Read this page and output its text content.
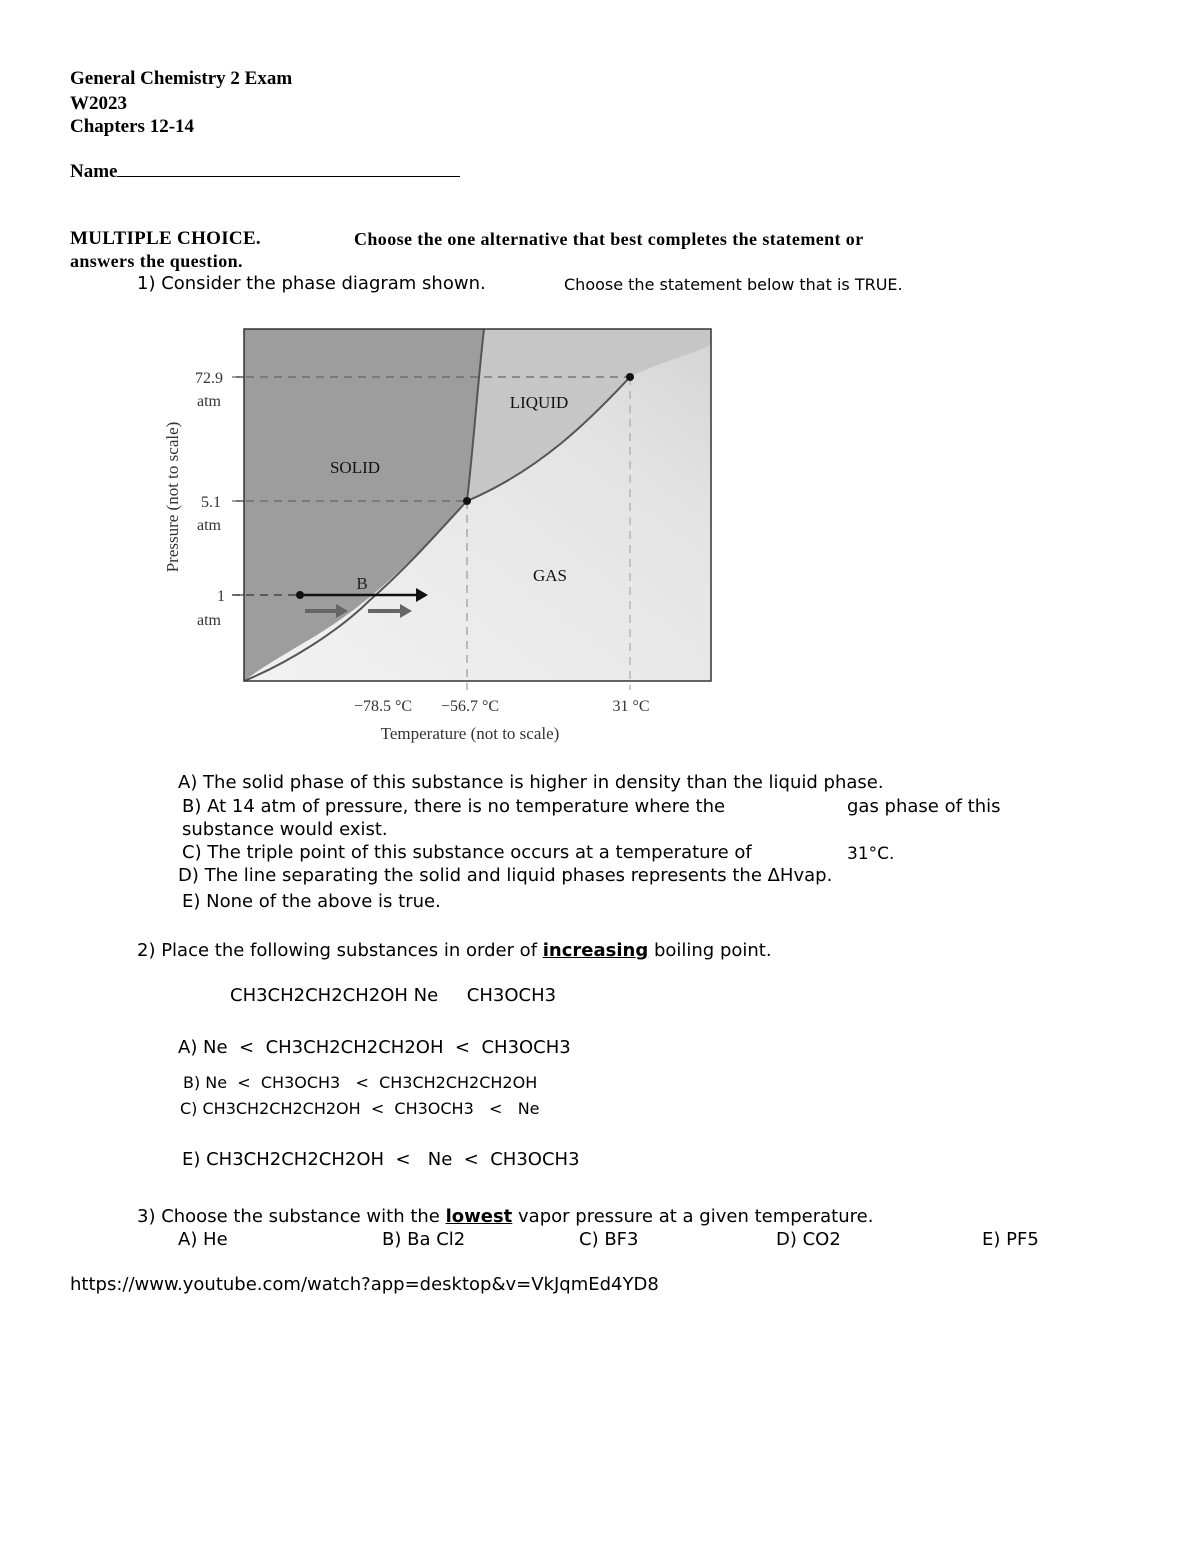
General Chemistry 2 Exam
W2023
Chapters 12-14
Name
MULTIPLE CHOICE.	Choose the one alternative that best completes the statement or
answers the question.
1) Consider the phase diagram shown.	Choose the statement below that is TRUE.
SOLID
LIQUID
GAS
B
72.9
atm
5.1
atm
1
atm
−78.5 °C −56.7 °C	31 °C
Temperature (not to scale)
Pressure (not to scale)
A) The solid phase of this substance is higher in density than the liquid phase.
B) At 14 atm of pressure, there is no temperature where the	gas phase of this
substance would exist.
C) The triple point of this substance occurs at a temperature of	31°C.
D) The line separating the solid and liquid phases represents the ΔHvap.
E) None of the above is true.
2) Place the following substances in order of increasing boiling point.
CH3CH2CH2CH2OH Ne     CH3OCH3
A) Ne  <  CH3CH2CH2CH2OH  <  CH3OCH3
B) Ne  <  CH3OCH3   <  CH3CH2CH2CH2OH
C) CH3CH2CH2CH2OH  <  CH3OCH3   <   Ne
E) CH3CH2CH2CH2OH  <   Ne  <  CH3OCH3
3) Choose the substance with the lowest vapor pressure at a given temperature.
A) He	B) Ba Cl2	C) BF3	D) CO2	E) PF5
https://www.youtube.com/watch?app=desktop&v=VkJqmEd4YD8
